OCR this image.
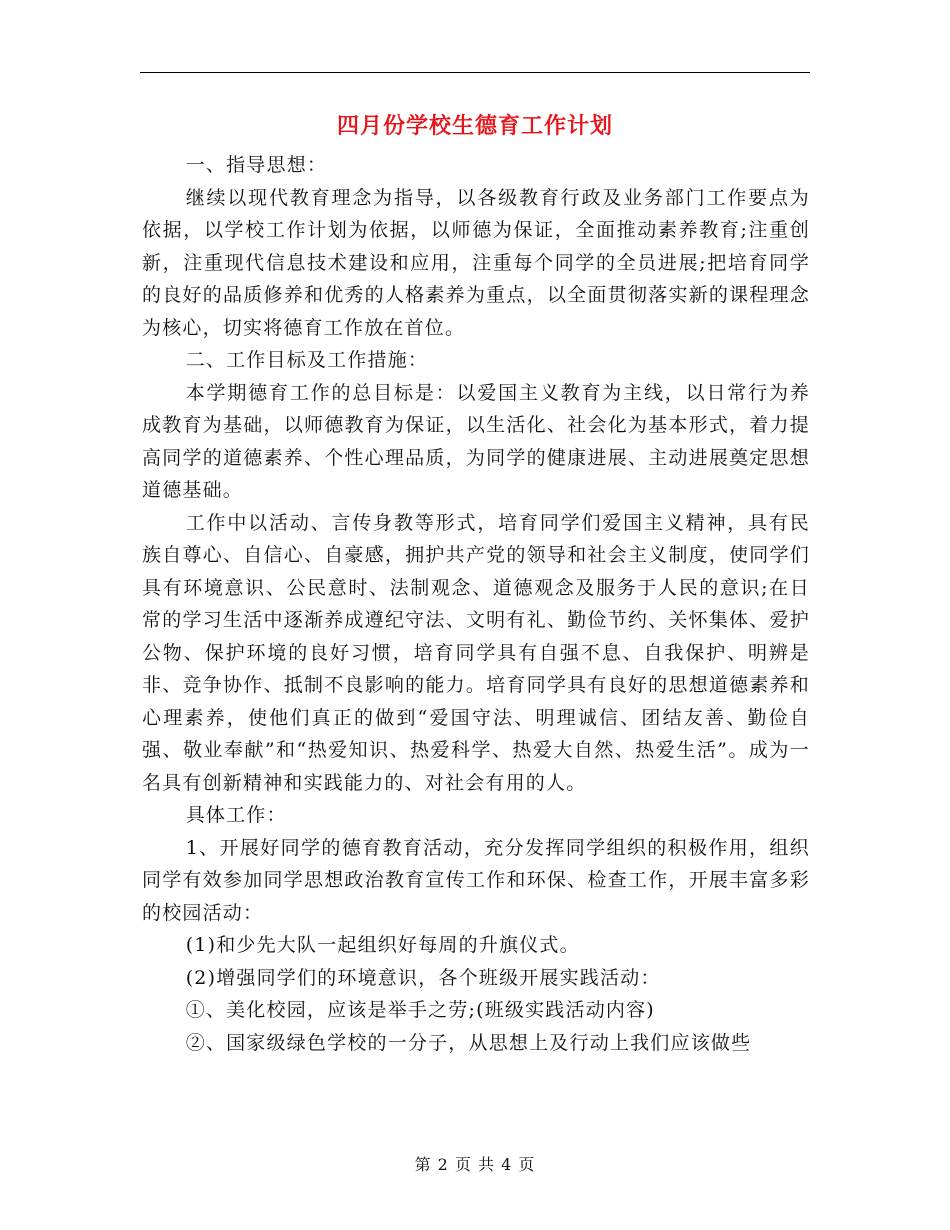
四月份学校生德育工作计划

一、指导思想：

继续以现代教育理念为指导，以各级教育行政及业务部门工作要点为依据，以学校工作计划为依据，以师德为保证，全面推动素养教育;注重创新，注重现代信息技术建设和应用，注重每个同学的全员进展;把培育同学的良好的品质修养和优秀的人格素养为重点，以全面贯彻落实新的课程理念为核心，切实将德育工作放在首位。

二、工作目标及工作措施：

本学期德育工作的总目标是：以爱国主义教育为主线，以日常行为养成教育为基础，以师德教育为保证，以生活化、社会化为基本形式，着力提高同学的道德素养、个性心理品质，为同学的健康进展、主动进展奠定思想道德基础。

工作中以活动、言传身教等形式，培育同学们爱国主义精神，具有民族自尊心、自信心、自豪感，拥护共产党的领导和社会主义制度，使同学们具有环境意识、公民意时、法制观念、道德观念及服务于人民的意识;在日常的学习生活中逐渐养成遵纪守法、文明有礼、勤俭节约、关怀集体、爱护公物、保护环境的良好习惯，培育同学具有自强不息、自我保护、明辨是非、竞争协作、抵制不良影响的能力。培育同学具有良好的思想道德素养和心理素养，使他们真正的做到“爱国守法、明理诚信、团结友善、勤俭自强、敬业奉献”和“热爱知识、热爱科学、热爱大自然、热爱生活”。成为一名具有创新精神和实践能力的、对社会有用的人。

具体工作：

1、开展好同学的德育教育活动，充分发挥同学组织的积极作用，组织同学有效参加同学思想政治教育宣传工作和环保、检查工作，开展丰富多彩的校园活动：

(1)和少先大队一起组织好每周的升旗仪式。

(2)增强同学们的环境意识，各个班级开展实践活动：

①、美化校园，应该是举手之劳;(班级实践活动内容)

②、国家级绿色学校的一分子，从思想上及行动上我们应该做些

第 2 页 共 4 页
